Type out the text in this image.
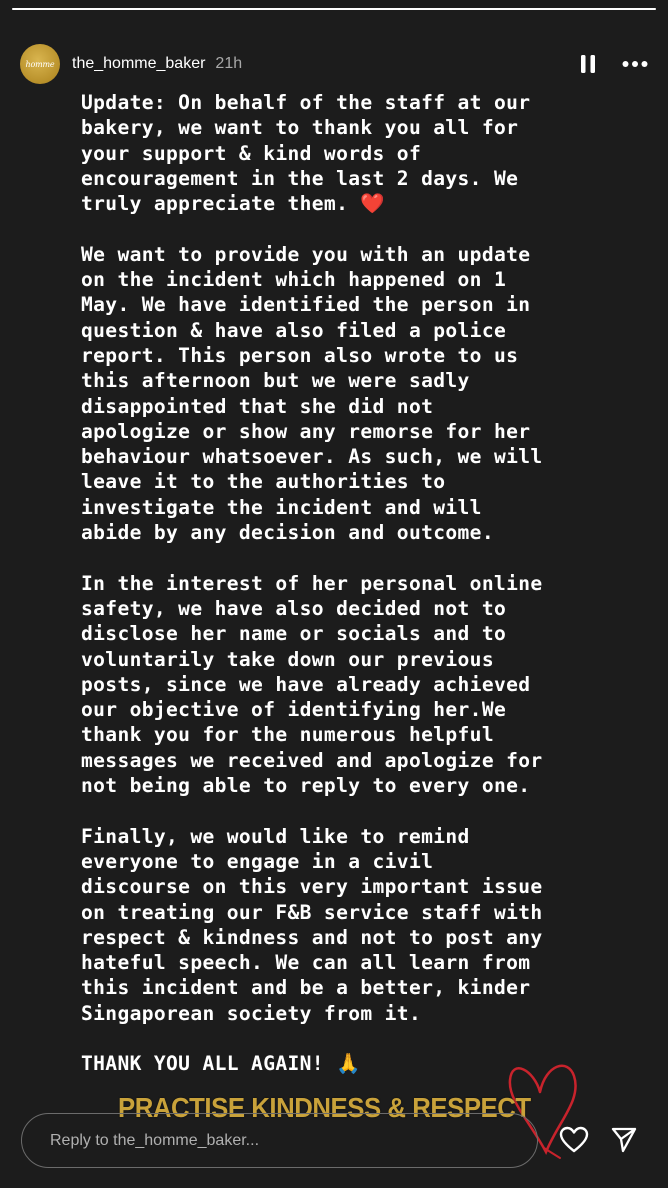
homme the_homme_baker 21h
Update: On behalf of the staff at our
bakery, we want to thank you all for
your support & kind words of
encouragement in the last 2 days. We
truly appreciate them. ❤️

We want to provide you with an update
on the incident which happened on 1
May. We have identified the person in
question & have also filed a police
report. This person also wrote to us
this afternoon but we were sadly
disappointed that she did not
apologize or show any remorse for her
behaviour whatsoever. As such, we will
leave it to the authorities to
investigate the incident and will
abide by any decision and outcome.

In the interest of her personal online
safety, we have also decided not to
disclose her name or socials and to
voluntarily take down our previous
posts, since we have already achieved
our objective of identifying her.We
thank you for the numerous helpful
messages we received and apologize for
not being able to reply to every one.

Finally, we would like to remind
everyone to engage in a civil
discourse on this very important issue
on treating our F&B service staff with
respect & kindness and not to post any
hateful speech. We can all learn from
this incident and be a better, kinder
Singaporean society from it.

THANK YOU ALL AGAIN! 🙏
PRACTISE KINDNESS & RESPECT
Reply to the_homme_baker...
